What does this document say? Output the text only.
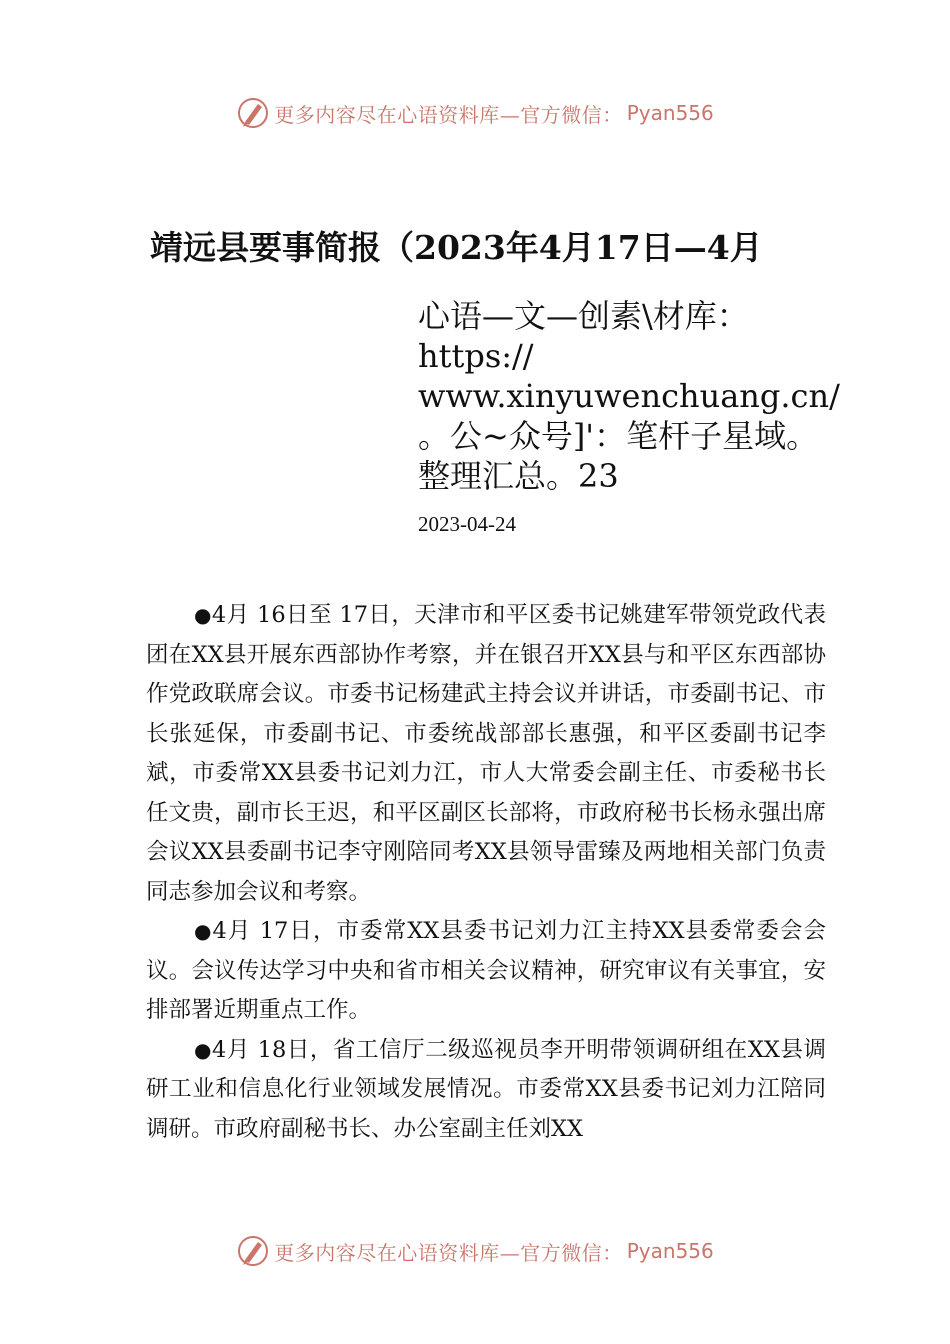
更多内容尽在心语资料库—官方微信： Pyan556
靖远县要事简报（2023年4月17日—4月
心语—文—创素\材库：
https://
www.xinyuwenchuang.cn/
。公~众号]'：笔杆子星域。
整理汇总。23
2023-04-24

●4月 16日至 17日，天津市和平区委书记姚建军带领党政代表团在XX县开展东西部协作考察，并在银召开XX县与和平区东西部协作党政联席会议。市委书记杨建武主持会议并讲话，市委副书记、市长张延保，市委副书记、市委统战部部长惠强，和平区委副书记李斌，市委常XX县委书记刘力江，市人大常委会副主任、市委秘书长任文贵，副市长王迟，和平区副区长部将，市政府秘书长杨永强出席会议XX县委副书记李守刚陪同考XX县领导雷臻及两地相关部门负责同志参加会议和考察。

●4月 17日，市委常XX县委书记刘力江主持XX县委常委会会议。会议传达学习中央和省市相关会议精神，研究审议有关事宜，安排部署近期重点工作。

●4月 18日，省工信厅二级巡视员李开明带领调研组在XX县调研工业和信息化行业领域发展情况。市委常XX县委书记刘力江陪同调研。市政府副秘书长、办公室副主任刘XX

更多内容尽在心语资料库—官方微信： Pyan556
